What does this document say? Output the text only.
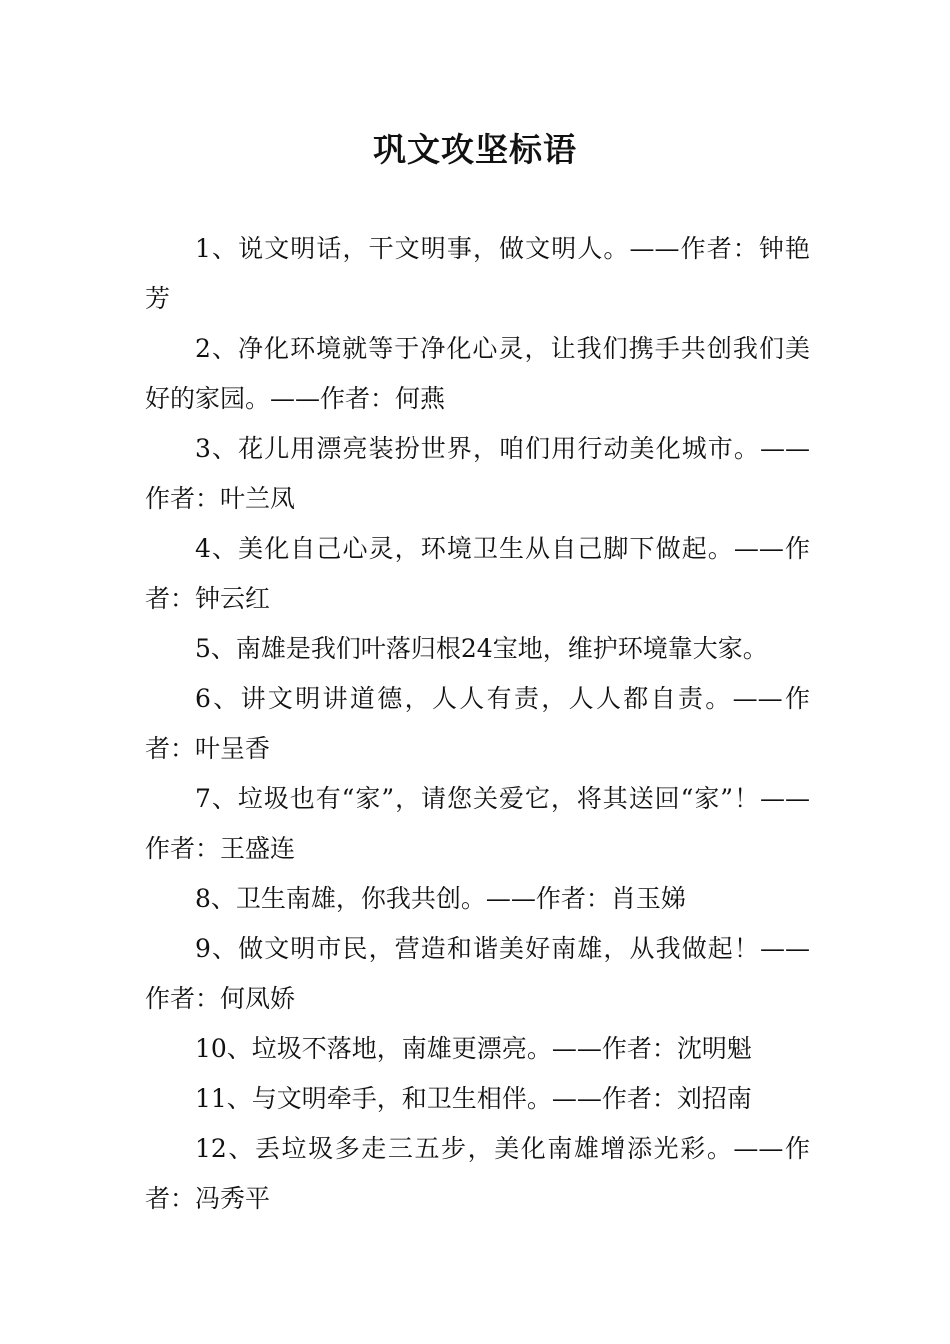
巩文攻坚标语

1、说文明话，干文明事，做文明人。——作者：钟艳芳

2、净化环境就等于净化心灵，让我们携手共创我们美好的家园。——作者：何燕

3、花儿用漂亮装扮世界，咱们用行动美化城市。——作者：叶兰凤

4、美化自己心灵，环境卫生从自己脚下做起。——作者：钟云红

5、南雄是我们叶落归根24宝地，维护环境靠大家。

6、讲文明讲道德，人人有责，人人都自责。——作者：叶呈香

7、垃圾也有“家”，请您关爱它，将其送回“家”！——作者：王盛连

8、卫生南雄，你我共创。——作者：肖玉娣

9、做文明市民，营造和谐美好南雄，从我做起！——作者：何凤娇

10、垃圾不落地，南雄更漂亮。——作者：沈明魁

11、与文明牵手，和卫生相伴。——作者：刘招南

12、丢垃圾多走三五步，美化南雄增添光彩。——作者：冯秀平
